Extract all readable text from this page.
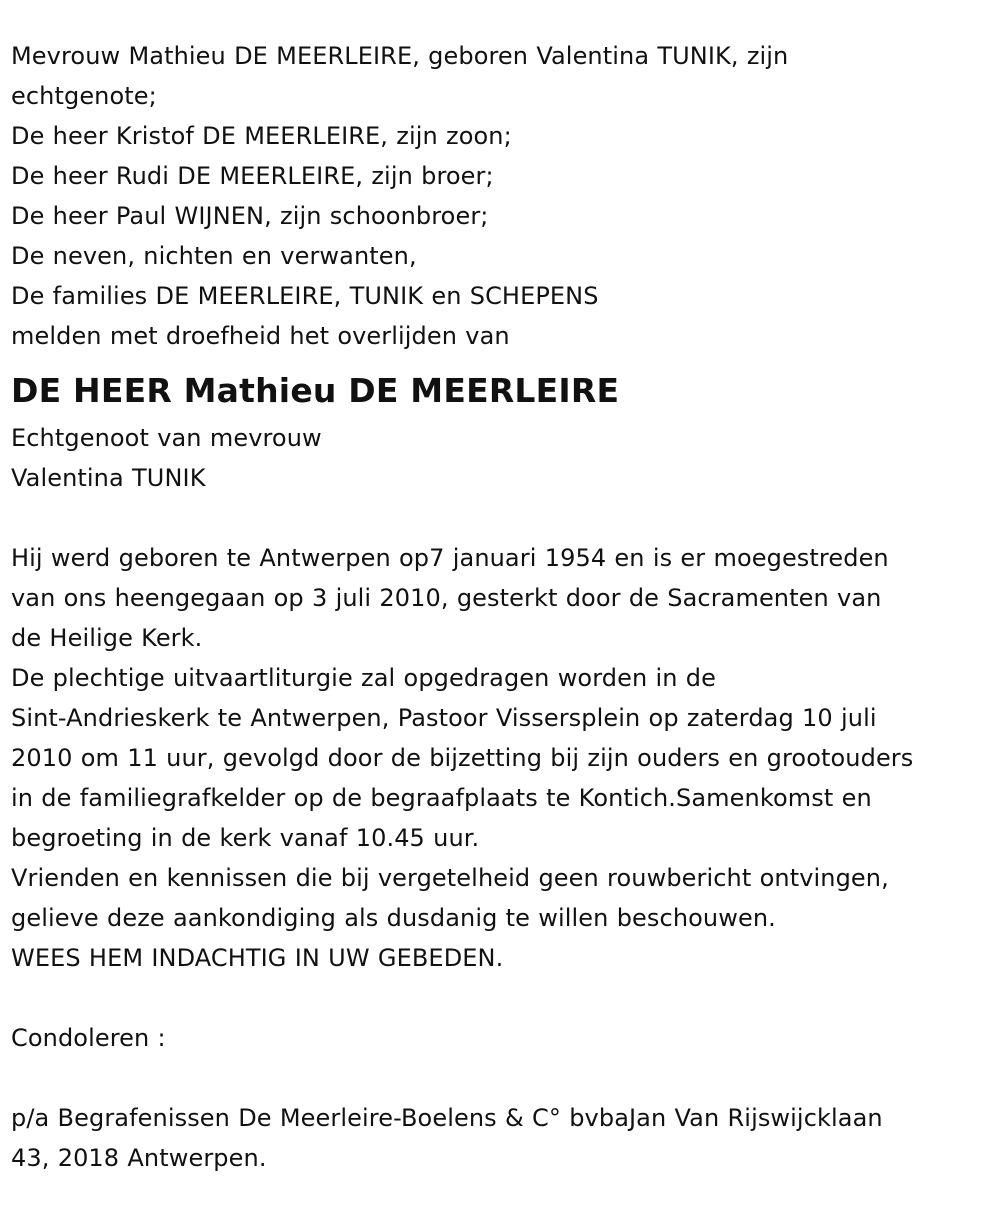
Mevrouw Mathieu DE MEERLEIRE, geboren Valentina TUNIK, zijn
echtgenote;
De heer Kristof DE MEERLEIRE, zijn zoon;
De heer Rudi DE MEERLEIRE, zijn broer;
De heer Paul WIJNEN, zijn schoonbroer;
De neven, nichten en verwanten,
De families DE MEERLEIRE, TUNIK en SCHEPENS
melden met droefheid het overlijden van
DE HEER Mathieu DE MEERLEIRE
Echtgenoot van mevrouw
Valentina TUNIK
Hij werd geboren te Antwerpen op7 januari 1954 en is er moegestreden
van ons heengegaan op 3 juli 2010, gesterkt door de Sacramenten van
de Heilige Kerk.
De plechtige uitvaartliturgie zal opgedragen worden in de
Sint-Andrieskerk te Antwerpen, Pastoor Vissersplein op zaterdag 10 juli
2010 om 11 uur, gevolgd door de bijzetting bij zijn ouders en grootouders
in de familiegrafkelder op de begraafplaats te Kontich.Samenkomst en
begroeting in de kerk vanaf 10.45 uur.
Vrienden en kennissen die bij vergetelheid geen rouwbericht ontvingen,
gelieve deze aankondiging als dusdanig te willen beschouwen.
WEES HEM INDACHTIG IN UW GEBEDEN.
Condoleren :
p/a Begrafenissen De Meerleire-Boelens & C° bvbaJan Van Rijswijcklaan
43, 2018 Antwerpen.
